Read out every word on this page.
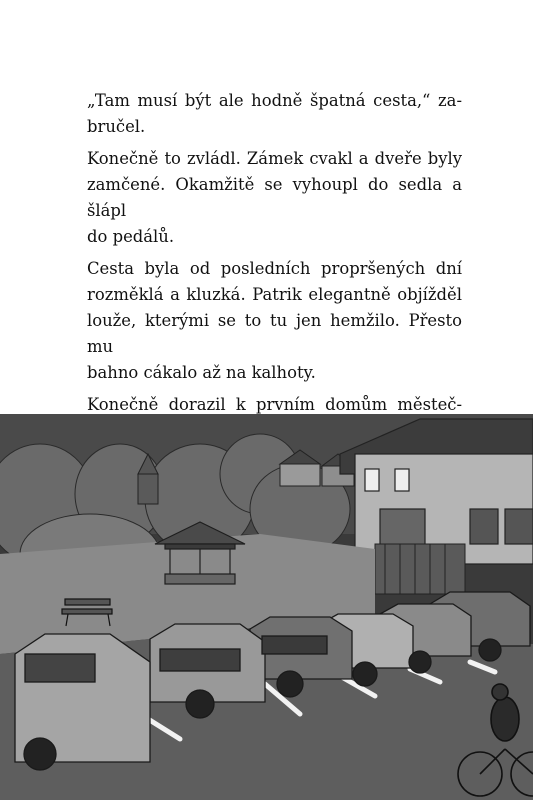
„Tam musí být ale hodně špatná cesta,“ za-

bručel.

Konečně to zvládl. Zámek cvakl a dveře byly

zamčené. Okamžitě se vyhoupl do sedla a šlápl

do pedálů.

Cesta byla od posledních propršených dní

rozměklá a kluzká. Patrik elegantně objížděl

louže, kterými se to tu jen hemžilo. Přesto mu

bahno cákalo až na kalhoty.

Konečně dorazil k prvním domům městeč-
